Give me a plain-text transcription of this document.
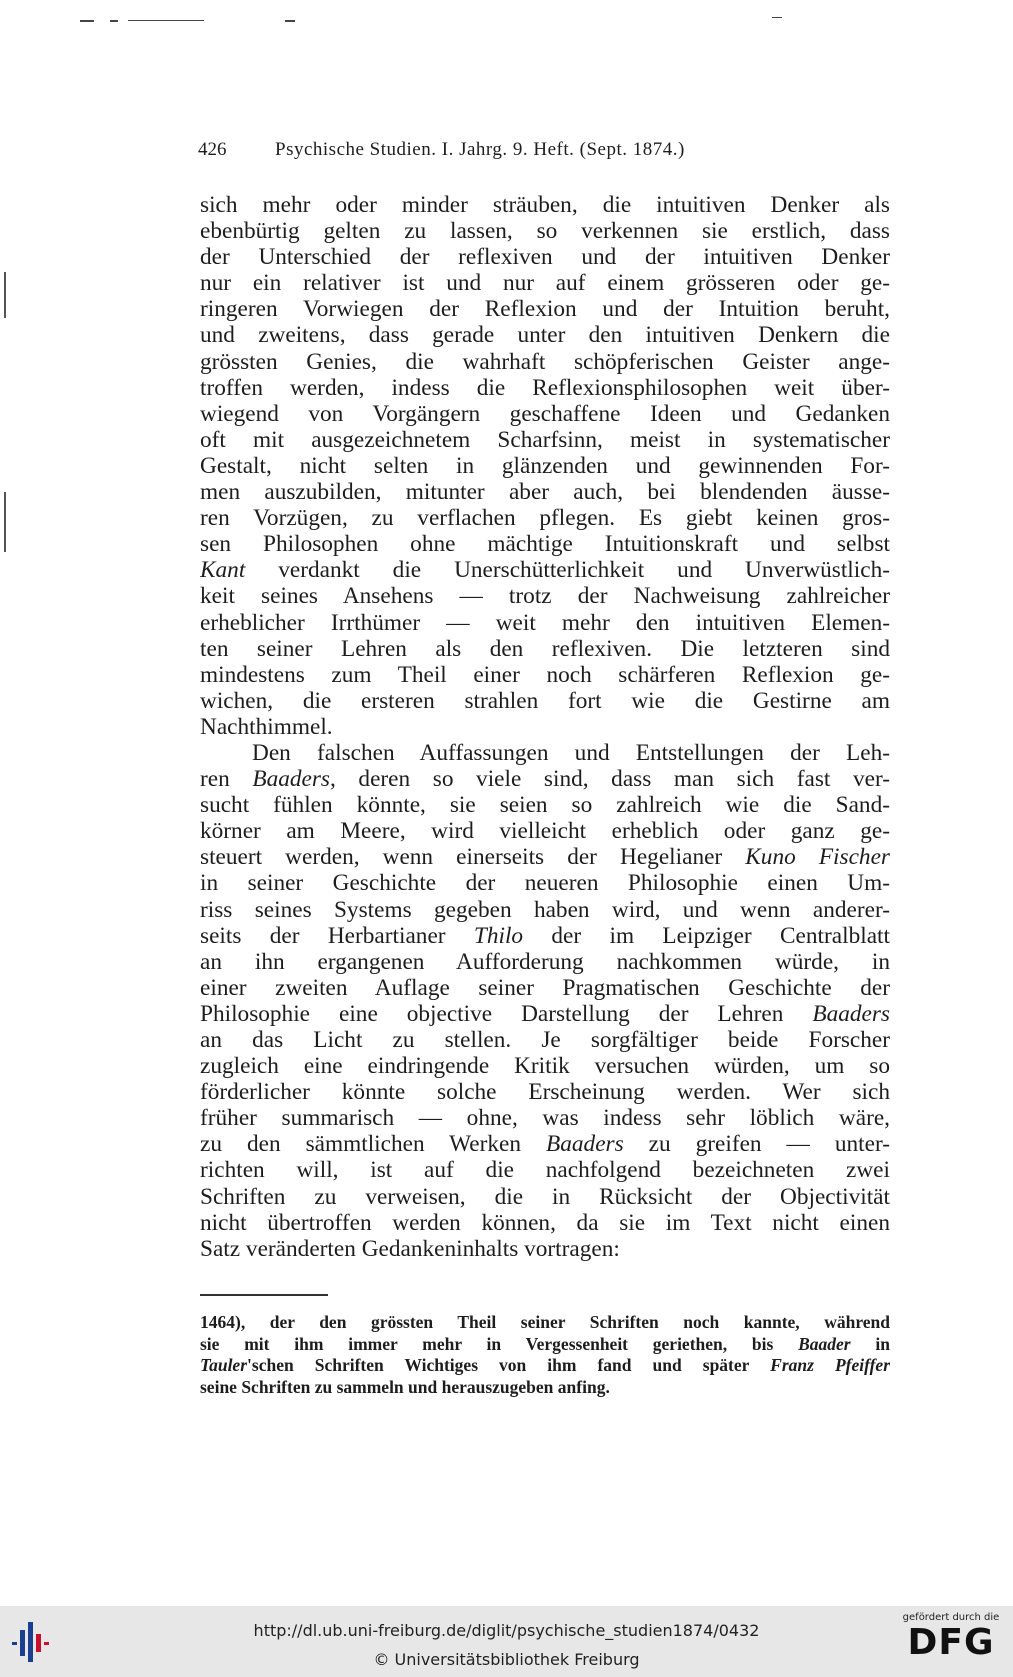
426	Psychische Studien. I. Jahrg. 9. Heft. (Sept. 1874.)
sich mehr oder minder sträuben, die intuitiven Denker als
ebenbürtig gelten zu lassen, so verkennen sie erstlich, dass
der Unterschied der reflexiven und der intuitiven Denker
nur ein relativer ist und nur auf einem grösseren oder ge-
ringeren Vorwiegen der Reflexion und der Intuition beruht,
und zweitens, dass gerade unter den intuitiven Denkern die
grössten Genies, die wahrhaft schöpferischen Geister ange-
troffen werden, indess die Reflexionsphilosophen weit über-
wiegend von Vorgängern geschaffene Ideen und Gedanken
oft mit ausgezeichnetem Scharfsinn, meist in systematischer
Gestalt, nicht selten in glänzenden und gewinnenden For-
men auszubilden, mitunter aber auch, bei blendenden äusse-
ren Vorzügen, zu verflachen pflegen. Es giebt keinen gros-
sen Philosophen ohne mächtige Intuitionskraft und selbst
Kant verdankt die Unerschütterlichkeit und Unverwüstlich-
keit seines Ansehens — trotz der Nachweisung zahlreicher
erheblicher Irrthümer — weit mehr den intuitiven Elemen-
ten seiner Lehren als den reflexiven. Die letzteren sind
mindestens zum Theil einer noch schärferen Reflexion ge-
wichen, die ersteren strahlen fort wie die Gestirne am
Nachthimmel.
Den falschen Auffassungen und Entstellungen der Leh-
ren Baaders, deren so viele sind, dass man sich fast ver-
sucht fühlen könnte, sie seien so zahlreich wie die Sand-
körner am Meere, wird vielleicht erheblich oder ganz ge-
steuert werden, wenn einerseits der Hegelianer Kuno Fischer
in seiner Geschichte der neueren Philosophie einen Um-
riss seines Systems gegeben haben wird, und wenn anderer-
seits der Herbartianer Thilo der im Leipziger Centralblatt
an ihn ergangenen Aufforderung nachkommen würde, in
einer zweiten Auflage seiner Pragmatischen Geschichte der
Philosophie eine objective Darstellung der Lehren Baaders
an das Licht zu stellen. Je sorgfältiger beide Forscher
zugleich eine eindringende Kritik versuchen würden, um so
förderlicher könnte solche Erscheinung werden. Wer sich
früher summarisch — ohne, was indess sehr löblich wäre,
zu den sämmtlichen Werken Baaders zu greifen — unter-
richten will, ist auf die nachfolgend bezeichneten zwei
Schriften zu verweisen, die in Rücksicht der Objectivität
nicht übertroffen werden können, da sie im Text nicht einen
Satz veränderten Gedankeninhalts vortragen:
1464), der den grössten Theil seiner Schriften noch kannte, während
sie mit ihm immer mehr in Vergessenheit geriethen, bis Baader in
Tauler'schen Schriften Wichtiges von ihm fand und später Franz Pfeiffer
seine Schriften zu sammeln und herauszugeben anfing.
http://dl.ub.uni-freiburg.de/diglit/psychische_studien1874/0432
© Universitätsbibliothek Freiburg
gefördert durch die
DFG
